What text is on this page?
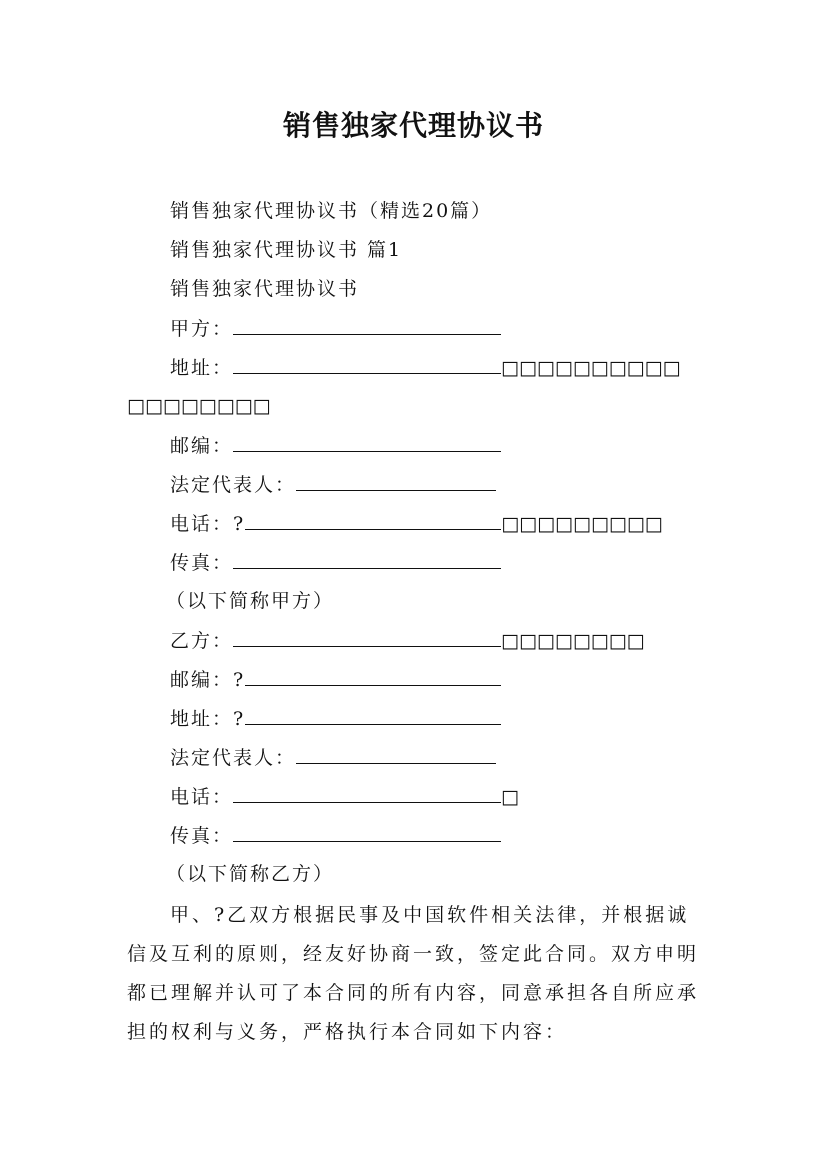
销售独家代理协议书
销售独家代理协议书（精选20篇）
销售独家代理协议书 篇1
销售独家代理协议书
甲方：
地址：	□□□□□□□□□□
□□□□□□□□
邮编：
法定代表人：
电话：?	□□□□□□□□□
传真：
（以下简称甲方）
乙方：	□□□□□□□□
邮编：?
地址：?
法定代表人：
电话：	□
传真：
（以下简称乙方）
甲、?乙双方根据民事及中国软件相关法律，并根据诚
信及互利的原则，经友好协商一致，签定此合同。双方申明
都已理解并认可了本合同的所有内容，同意承担各自所应承
担的权利与义务，严格执行本合同如下内容：
